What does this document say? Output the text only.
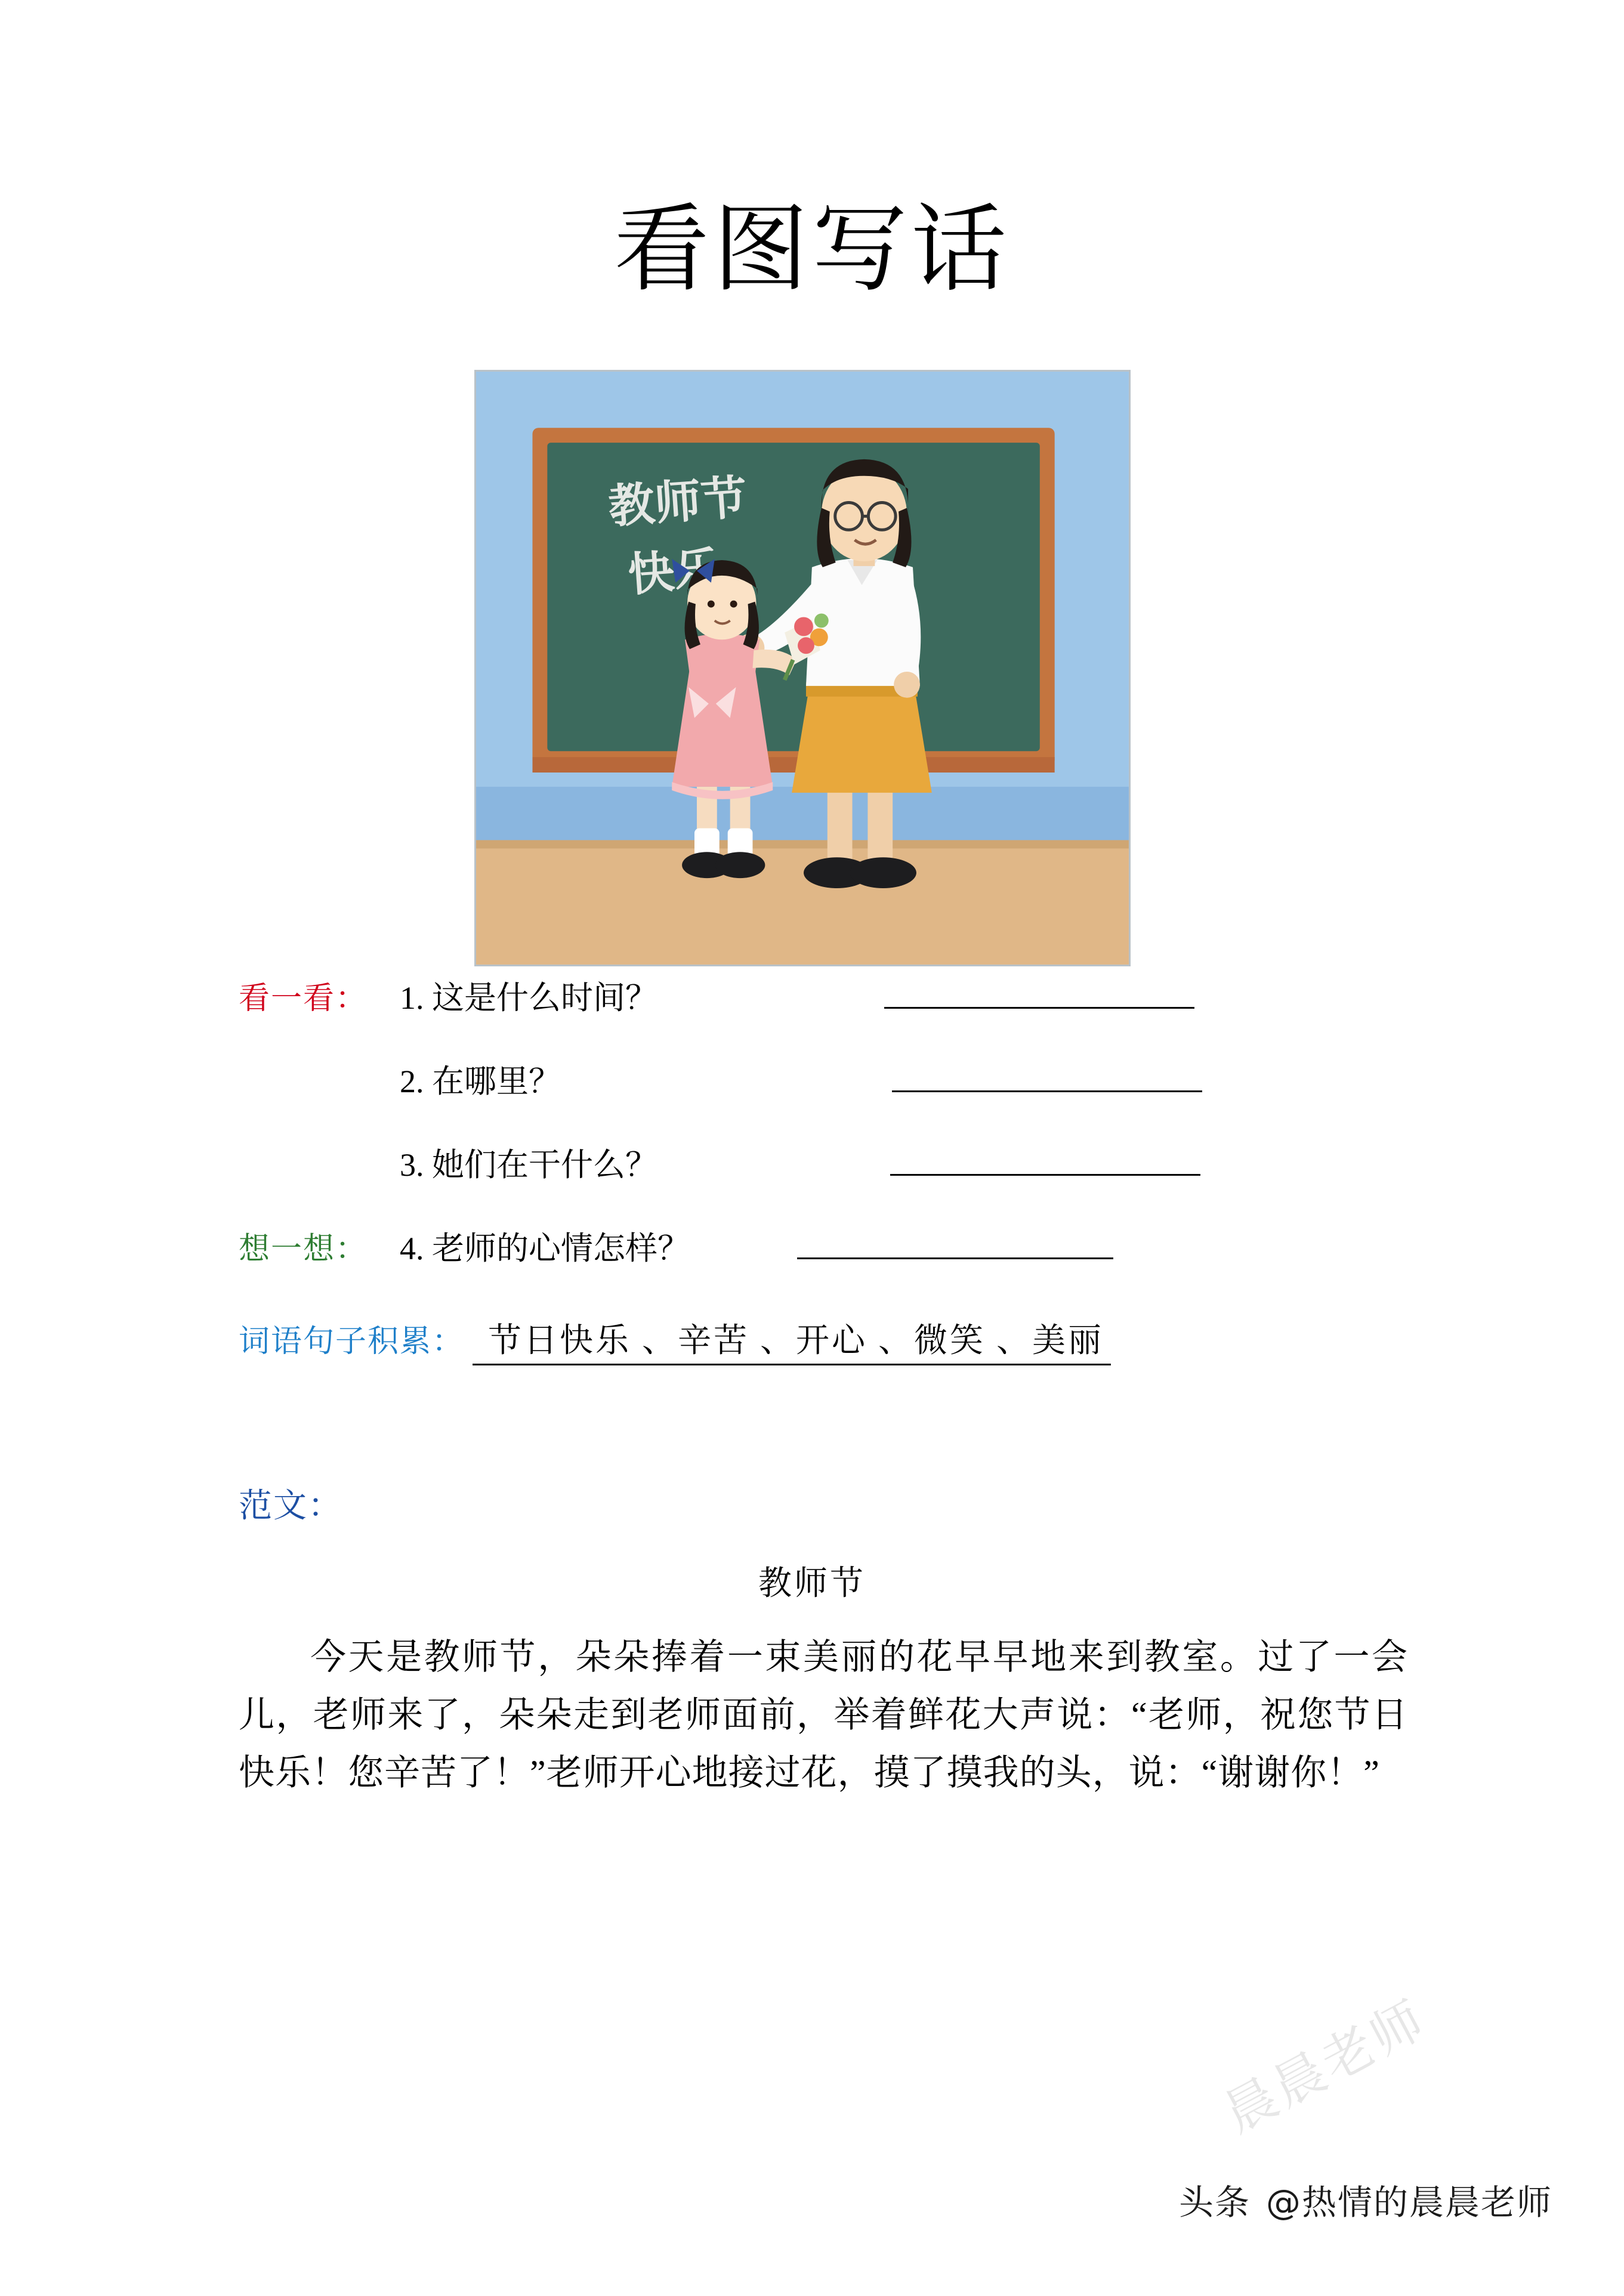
看图写话
教师节
看一看： 1. 这是什么时间？
2. 在哪里？
3. 她们在干什么？
想一想： 4. 老师的心情怎样？
词语句子积累： 节日快乐 、辛苦 、开心 、微笑 、美丽
范文：
教师节
今天是教师节，朵朵捧着一束美丽的花早早地来到教室。过了一会儿，老师来了，朵朵走到老师面前，举着鲜花大声说：“老师，祝您节日快乐！您辛苦了！”老师开心地接过花，摸了摸我的头，说：“谢谢你！”
晨晨老师
头条 @热情的晨晨老师
